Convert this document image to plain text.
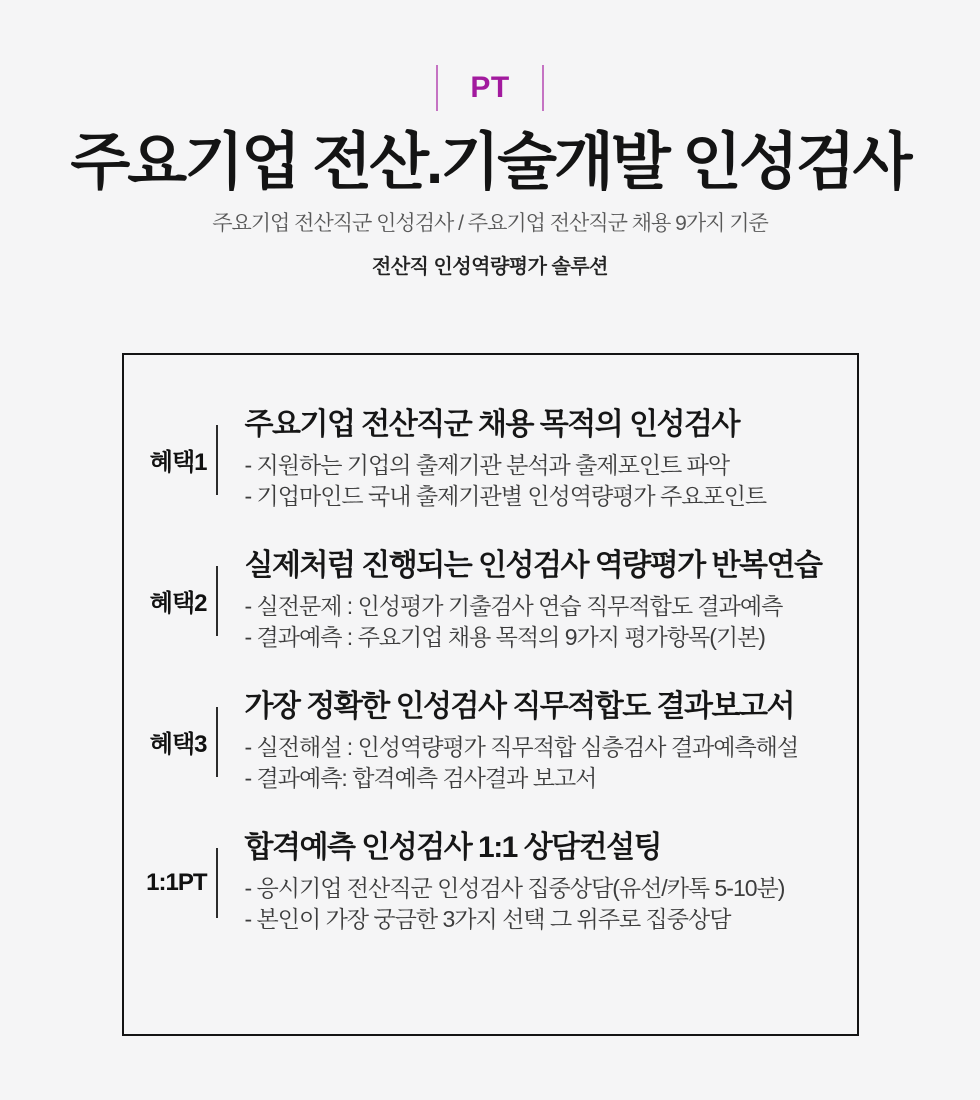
PT
주요기업 전산.기술개발 인성검사

주요기업 전산직군 인성검사 / 주요기업 전산직군 채용 9가지 기준

전산직 인성역량평가 솔루션

혜택1
주요기업 전산직군 채용 목적의 인성검사
- 지원하는 기업의 출제기관 분석과 출제포인트 파악
- 기업마인드 국내 출제기관별 인성역량평가 주요포인트
혜택2
실제처럼 진행되는 인성검사 역량평가 반복연습
- 실전문제 : 인성평가 기출검사 연습 직무적합도 결과예측
- 결과예측 : 주요기업 채용 목적의 9가지 평가항목(기본)
혜택3
가장 정확한 인성검사 직무적합도 결과보고서
- 실전해설 : 인성역량평가 직무적합 심층검사 결과예측해설
- 결과예측: 합격예측 검사결과 보고서
1:1PT
합격예측 인성검사 1:1 상담컨설팅
- 응시기업 전산직군 인성검사 집중상담(유선/카톡 5-10분)
- 본인이 가장 궁금한 3가지 선택 그 위주로 집중상담
